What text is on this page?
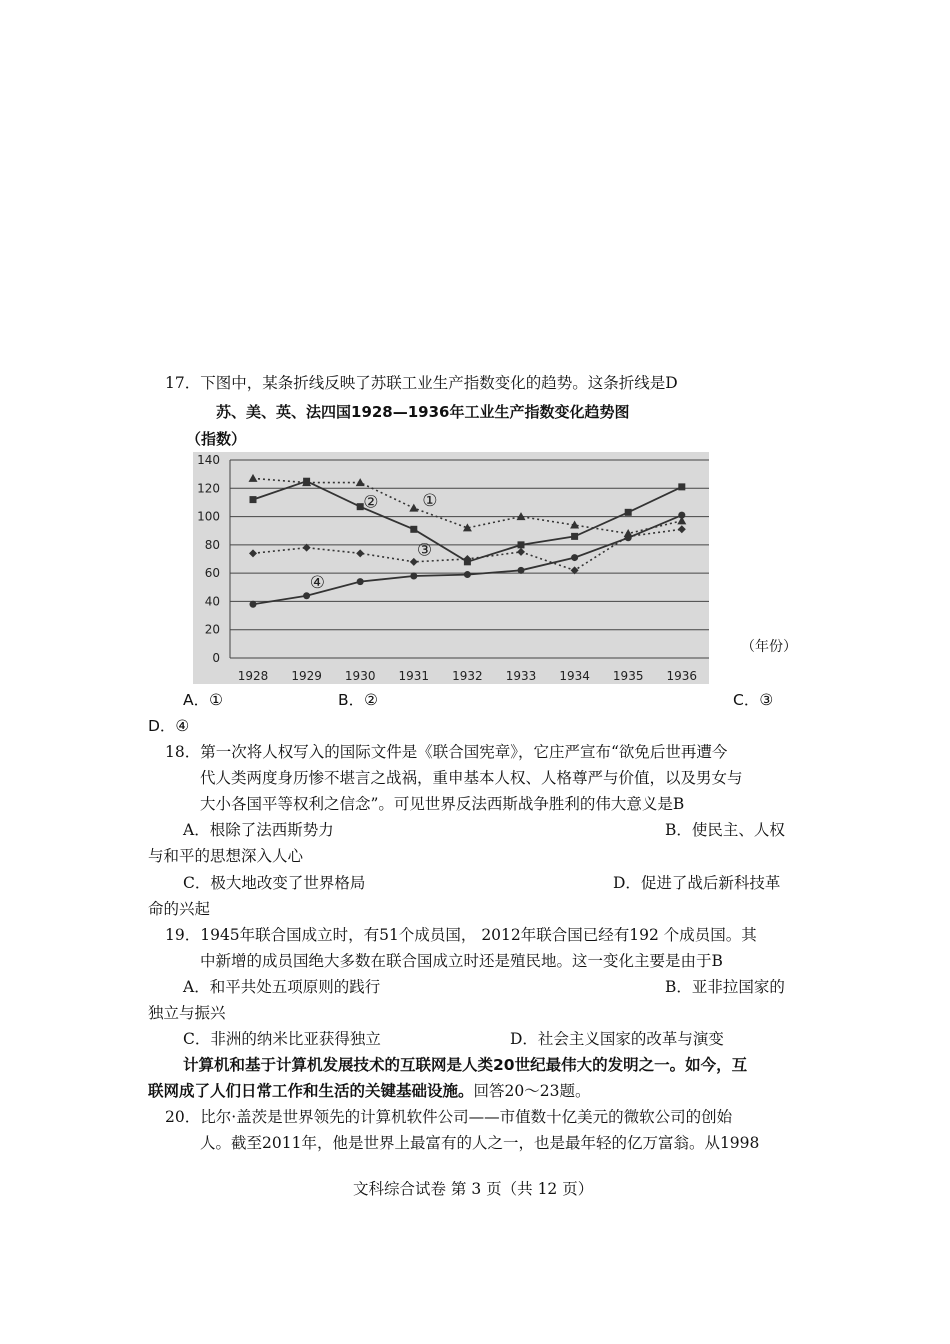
17．下图中，某条折线反映了苏联工业生产指数变化的趋势。这条折线是D
苏、美、英、法四国1928—1936年工业生产指数变化趋势图
（指数）
0
20
40
60
80
100
120
140
1928 1929 1930 1931 1932 1933 1934 1935 1936
①
②
③
④
（年份）
A．①	B．②	C．③
D．④
18．第一次将人权写入的国际文件是《联合国宪章》，它庄严宣布“欲免后世再遭今
代人类两度身历惨不堪言之战祸，重申基本人权、人格尊严与价值，以及男女与
大小各国平等权利之信念”。可见世界反法西斯战争胜利的伟大意义是B
A．根除了法西斯势力	B．使民主、人权
与和平的思想深入人心
C．极大地改变了世界格局	D．促进了战后新科技革
命的兴起
19．1945年联合国成立时，有51个成员国， 2012年联合国已经有192 个成员国。其
中新增的成员国绝大多数在联合国成立时还是殖民地。这一变化主要是由于B
A．和平共处五项原则的践行	B．亚非拉国家的
独立与振兴
C．非洲的纳米比亚获得独立	D．社会主义国家的改革与演变
计算机和基于计算机发展技术的互联网是人类20世纪最伟大的发明之一。如今，互
联网成了人们日常工作和生活的关键基础设施。回答20～23题。
20．比尔·盖茨是世界领先的计算机软件公司——市值数十亿美元的微软公司的创始
人。截至2011年，他是世界上最富有的人之一，也是最年轻的亿万富翁。从1998
文科综合试卷 第 3 页（共 12 页）
